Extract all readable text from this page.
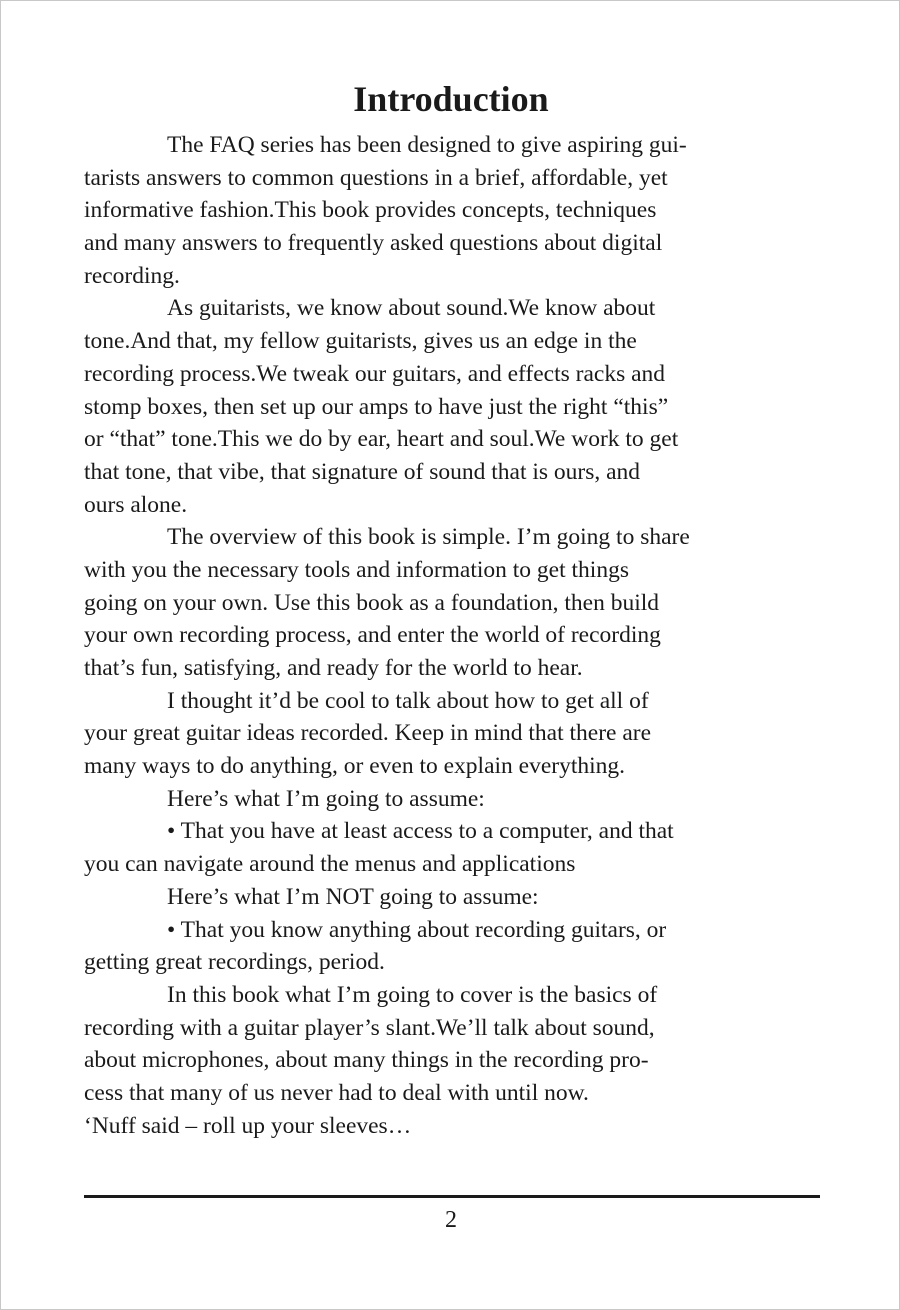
Introduction
The FAQ series has been designed to give aspiring gui-
tarists answers to common questions in a brief, affordable, yet
informative fashion.This book provides concepts, techniques
and many answers to frequently asked questions about digital
recording.
As guitarists, we know about sound.We know about
tone.And that, my fellow guitarists, gives us an edge in the
recording process.We tweak our guitars, and effects racks and
stomp boxes, then set up our amps to have just the right “this”
or “that” tone.This we do by ear, heart and soul.We work to get
that tone, that vibe, that signature of sound that is ours, and
ours alone.
The overview of this book is simple. I’m going to share
with you the necessary tools and information to get things
going on your own. Use this book as a foundation, then build
your own recording process, and enter the world of recording
that’s fun, satisfying, and ready for the world to hear.
I thought it’d be cool to talk about how to get all of
your great guitar ideas recorded. Keep in mind that there are
many ways to do anything, or even to explain everything.
Here’s what I’m going to assume:
• That you have at least access to a computer, and that
you can navigate around the menus and applications
Here’s what I’m NOT going to assume:
• That you know anything about recording guitars, or
getting great recordings, period.
In this book what I’m going to cover is the basics of
recording with a guitar player’s slant.We’ll talk about sound,
about microphones, about many things in the recording pro-
cess that many of us never had to deal with until now.
‘Nuff said – roll up your sleeves…
2
